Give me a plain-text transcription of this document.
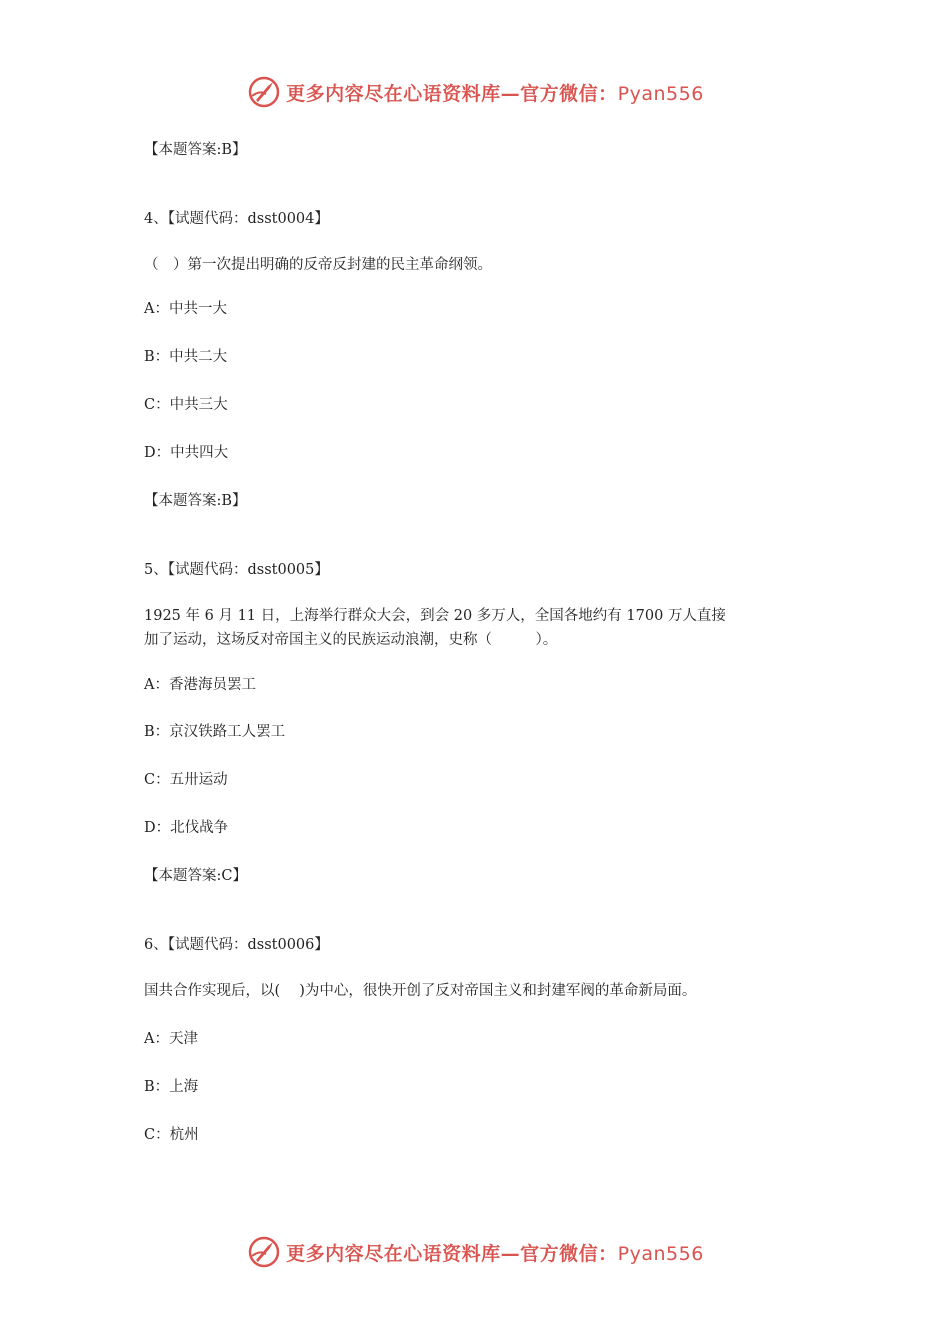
更多内容尽在心语资料库—官方微信：Pyan556
【本题答案:B】
4、【试题代码：dsst0004】
（　）第一次提出明确的反帝反封建的民主革命纲领。
A：中共一大
B：中共二大
C：中共三大
D：中共四大
【本题答案:B】
5、【试题代码：dsst0005】
1925 年 6 月 11 日，上海举行群众大会，到会 20 多万人，全国各地约有 1700 万人直接
加了运动，这场反对帝国主义的民族运动浪潮，史称（　　　）。
A：香港海员罢工
B：京汉铁路工人罢工
C：五卅运动
D：北伐战争
【本题答案:C】
6、【试题代码：dsst0006】
国共合作实现后，以(　 )为中心，很快开创了反对帝国主义和封建军阀的革命新局面。
A：天津
B：上海
C：杭州
更多内容尽在心语资料库—官方微信：Pyan556
